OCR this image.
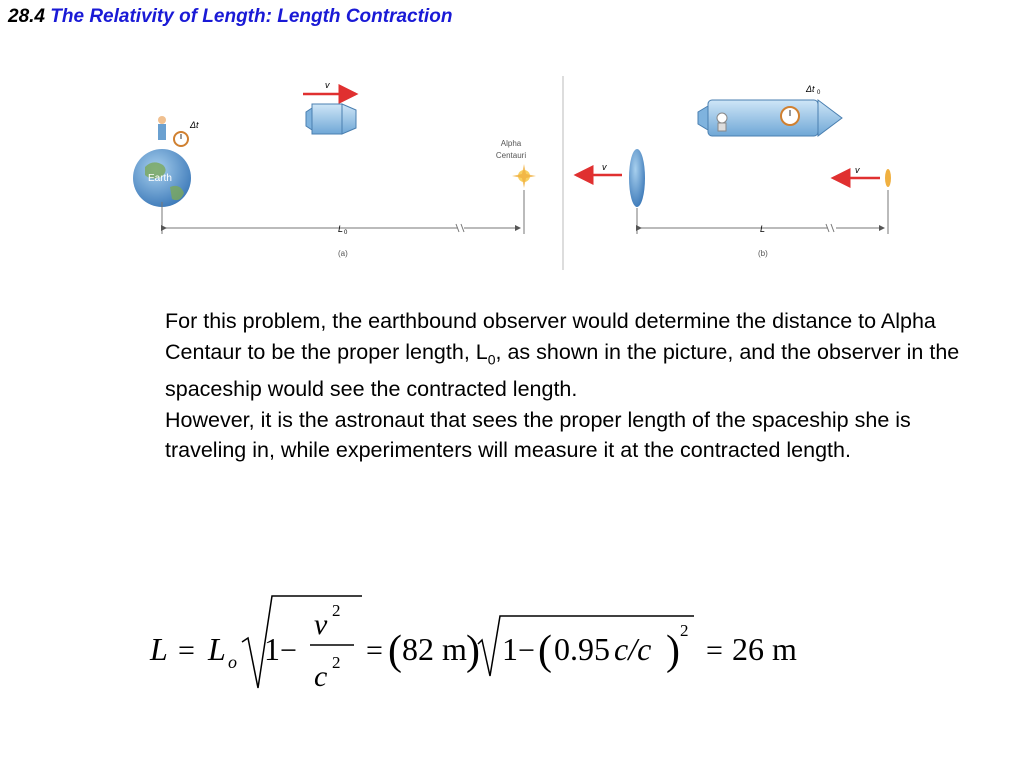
28.4 The Relativity of Length: Length Contraction
v
Δt
Earth
Alpha
Centauri
L 0
(a)
Δt 0
v	v
L
(b)

For this problem, the earthbound observer would determine the distance to Alpha Centaur to be the proper length, $L_0$, as shown in the picture, and the observer in the spaceship would see the contracted length.

However, it is the astronaut that sees the proper length of the spaceship she is traveling in, while experimenters will measure it at the contracted length.

L = L o 1 −
v 2
c 2 = ( 82 m ) 1 − ( 0.95 c/c ) 2
= 26 m
